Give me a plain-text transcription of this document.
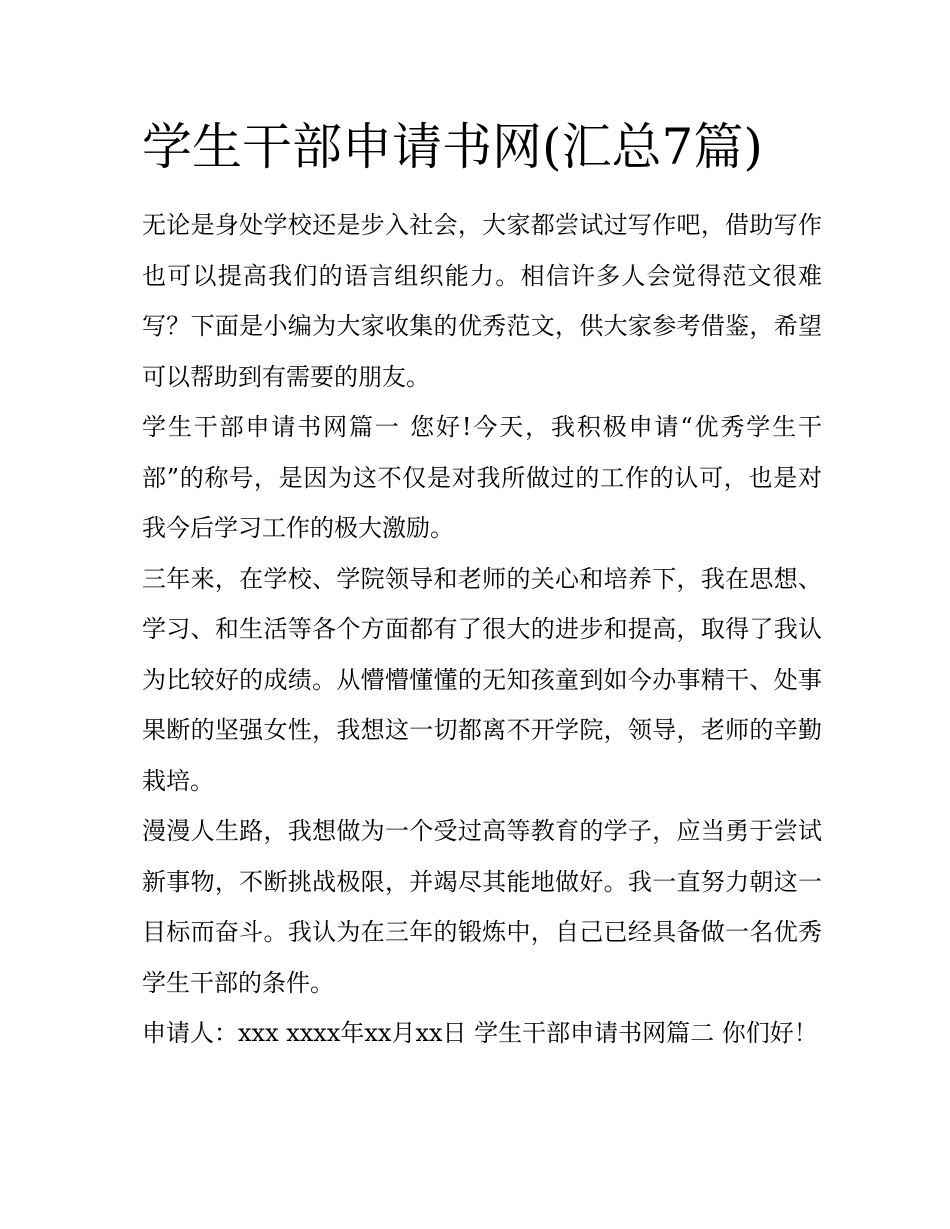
学生干部申请书网(汇总7篇)

无论是身处学校还是步入社会，大家都尝试过写作吧，借助写作也可以提高我们的语言组织能力。相信许多人会觉得范文很难写？下面是小编为大家收集的优秀范文，供大家参考借鉴，希望可以帮助到有需要的朋友。

学生干部申请书网篇一 您好!今天，我积极申请“优秀学生干部”的称号，是因为这不仅是对我所做过的工作的认可，也是对我今后学习工作的极大激励。

三年来，在学校、学院领导和老师的关心和培养下，我在思想、学习、和生活等各个方面都有了很大的进步和提高，取得了我认为比较好的成绩。从懵懵懂懂的无知孩童到如今办事精干、处事果断的坚强女性，我想这一切都离不开学院，领导，老师的辛勤栽培。

漫漫人生路，我想做为一个受过高等教育的学子，应当勇于尝试新事物，不断挑战极限，并竭尽其能地做好。我一直努力朝这一目标而奋斗。我认为在三年的锻炼中，自己已经具备做一名优秀学生干部的条件。

申请人：xxx xxxx年xx月xx日 学生干部申请书网篇二 你们好！
